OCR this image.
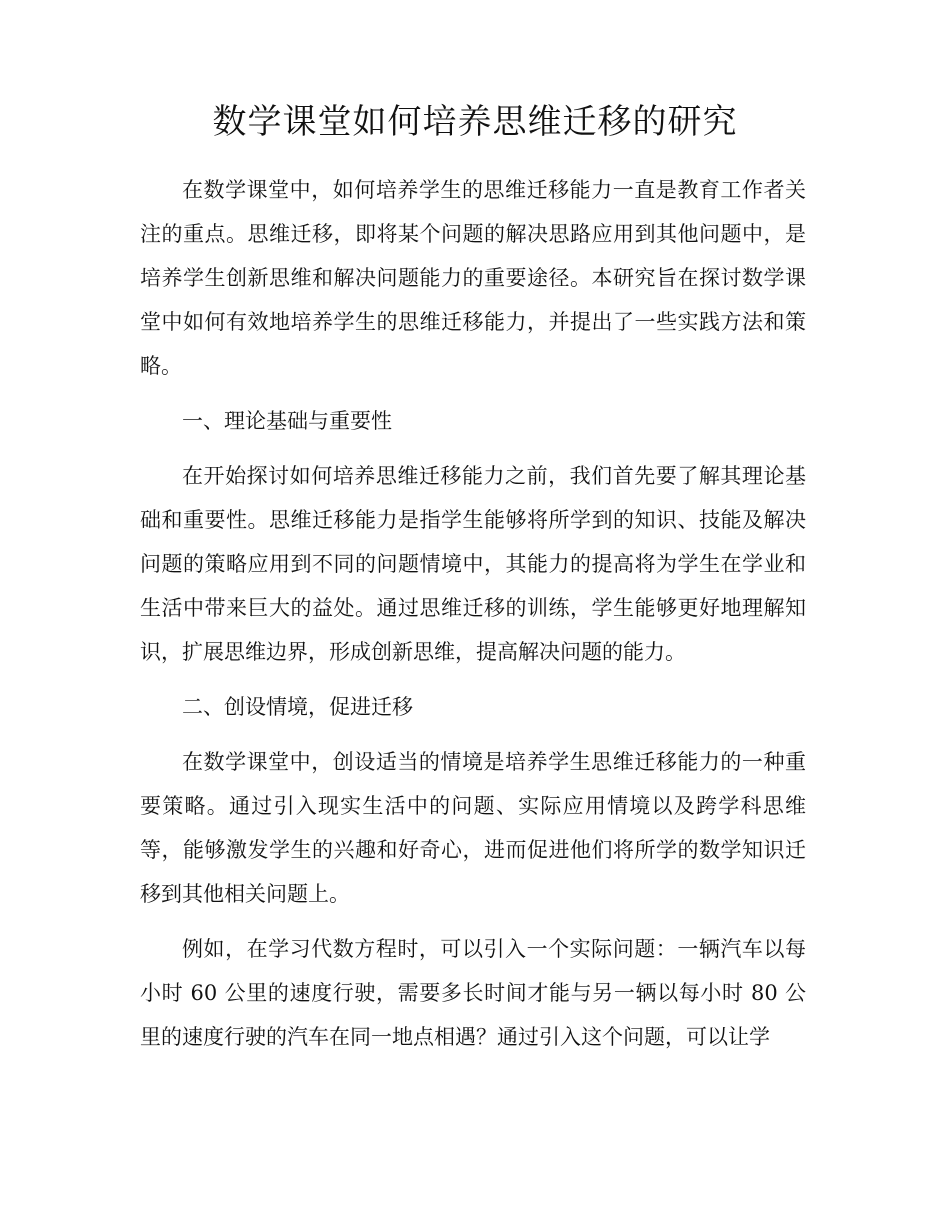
数学课堂如何培养思维迁移的研究

在数学课堂中，如何培养学生的思维迁移能力一直是教育工作者关注的重点。思维迁移，即将某个问题的解决思路应用到其他问题中，是培养学生创新思维和解决问题能力的重要途径。本研究旨在探讨数学课堂中如何有效地培养学生的思维迁移能力，并提出了一些实践方法和策略。

一、理论基础与重要性

在开始探讨如何培养思维迁移能力之前，我们首先要了解其理论基础和重要性。思维迁移能力是指学生能够将所学到的知识、技能及解决问题的策略应用到不同的问题情境中，其能力的提高将为学生在学业和生活中带来巨大的益处。通过思维迁移的训练，学生能够更好地理解知识，扩展思维边界，形成创新思维，提高解决问题的能力。

二、创设情境，促进迁移

在数学课堂中，创设适当的情境是培养学生思维迁移能力的一种重要策略。通过引入现实生活中的问题、实际应用情境以及跨学科思维等，能够激发学生的兴趣和好奇心，进而促进他们将所学的数学知识迁移到其他相关问题上。

例如，在学习代数方程时，可以引入一个实际问题：一辆汽车以每小时 60 公里的速度行驶，需要多长时间才能与另一辆以每小时 80 公里的速度行驶的汽车在同一地点相遇？通过引入这个问题，可以让学
